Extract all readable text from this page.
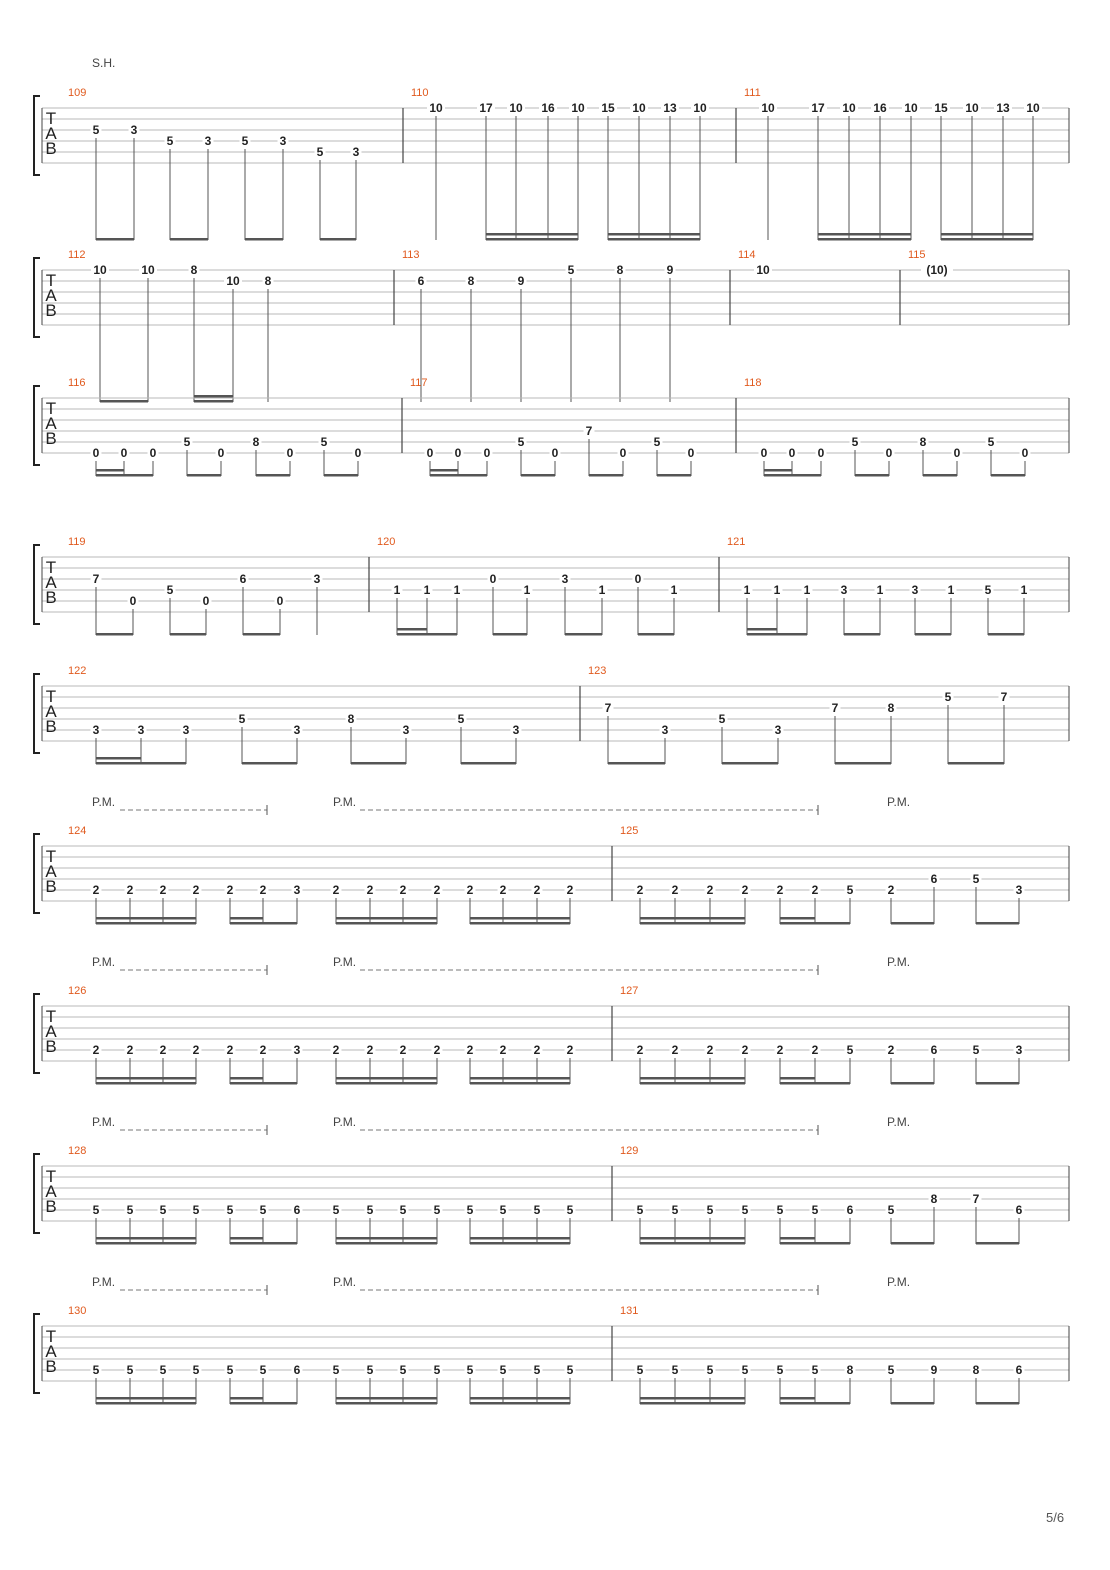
T
A
B
S.H.
109
5	3
5	3	5	3
5 3
110
10	17 10 16 10 15 10 13 10
111
10	17 10 16 10 15 10 13 10
T
A
B
112
10	10	8
10 8
113
6	8	9
5	8	9
114
10
115
(10)
T
A
B
116
0 0 0
5
0
8
0
5
0
117
0 0 0
5
0
7
0
5
0
118
0 0 0
5
0
8
0
5
0
T
A
B
119
7
0
5
0
6
0
3
120
1 1 1
0
1
3
1
0
1
121
1 1 1	3 1 3 1	5 1
T
A
B
122
3	3	3
5
3
8
3
5
3
123
7
3
5
3
7	8
5	7
T
A
B
P.M.	P.M.	P.M.
124
2 2 2 2 2 2 3	2 2 2 2 2 2 2 2
125
2 2 2 2 2 2 5	2
6	5
3
T
A
B
P.M.	P.M.	P.M.
126
2 2 2 2 2 2 3	2 2 2 2 2 2 2 2
127
2 2 2 2 2 2 5	2	6	5	3
T
A
B
P.M.	P.M.	P.M.
128
5 5 5 5 5 5 6	5 5 5 5 5 5 5 5
129
5 5 5 5 5 5 6	5
8	7
6
T
A
B
P.M.	P.M.	P.M.
130
5 5 5 5 5 5 6	5 5 5 5 5 5 5 5
131
5 5 5 5 5 5 8	5	9	8	6
5/6
